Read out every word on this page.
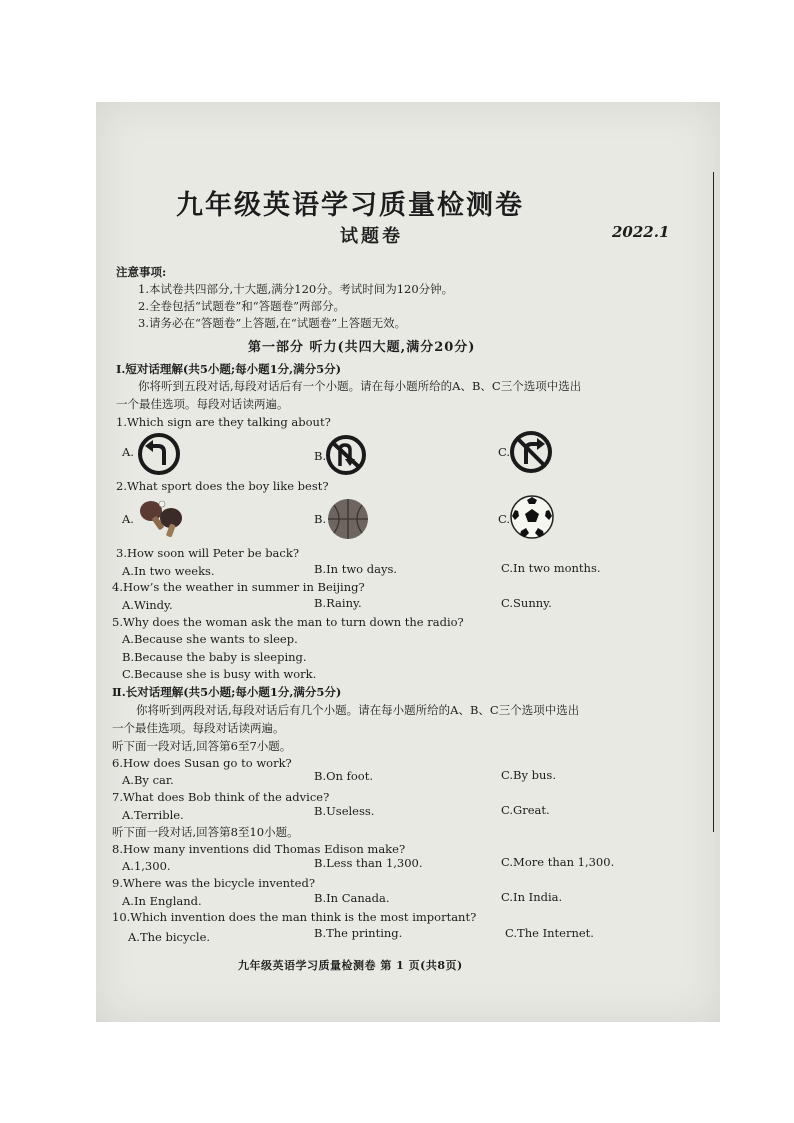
九年级英语学习质量检测卷
试题卷	2022.1
注意事项:
1.本试卷共四部分,十大题,满分120分。考试时间为120分钟。
2.全卷包括“试题卷”和“答题卷”两部分。
3.请务必在“答题卷”上答题,在“试题卷”上答题无效。
第一部分 听力(共四大题,满分20分)
Ⅰ.短对话理解(共5小题;每小题1分,满分5分)
你将听到五段对话,每段对话后有一个小题。请在每小题所给的A、B、C三个选项中选出
一个最佳选项。每段对话读两遍。
1.Which sign are they talking about?
A.	B.	C.
2.What sport does the boy like best?
A.	B.	C.
3.How soon will Peter be back?
A.In two weeks.	B.In two days.	C.In two months.
4.How’s the weather in summer in Beijing?
A.Windy.	B.Rainy.	C.Sunny.
5.Why does the woman ask the man to turn down the radio?
A.Because she wants to sleep.
B.Because the baby is sleeping.
C.Because she is busy with work.
Ⅱ.长对话理解(共5小题;每小题1分,满分5分)
你将听到两段对话,每段对话后有几个小题。请在每小题所给的A、B、C三个选项中选出
一个最佳选项。每段对话读两遍。
听下面一段对话,回答第6至7小题。
6.How does Susan go to work?
A.By car.	B.On foot.	C.By bus.
7.What does Bob think of the advice?
A.Terrible.	B.Useless.	C.Great.
听下面一段对话,回答第8至10小题。
8.How many inventions did Thomas Edison make?
A.1,300.	B.Less than 1,300.	C.More than 1,300.
9.Where was the bicycle invented?
A.In England.	B.In Canada.	C.In India.
10.Which invention does the man think is the most important?
A.The bicycle.	B.The printing.	C.The Internet.
九年级英语学习质量检测卷 第 1 页(共8页)
